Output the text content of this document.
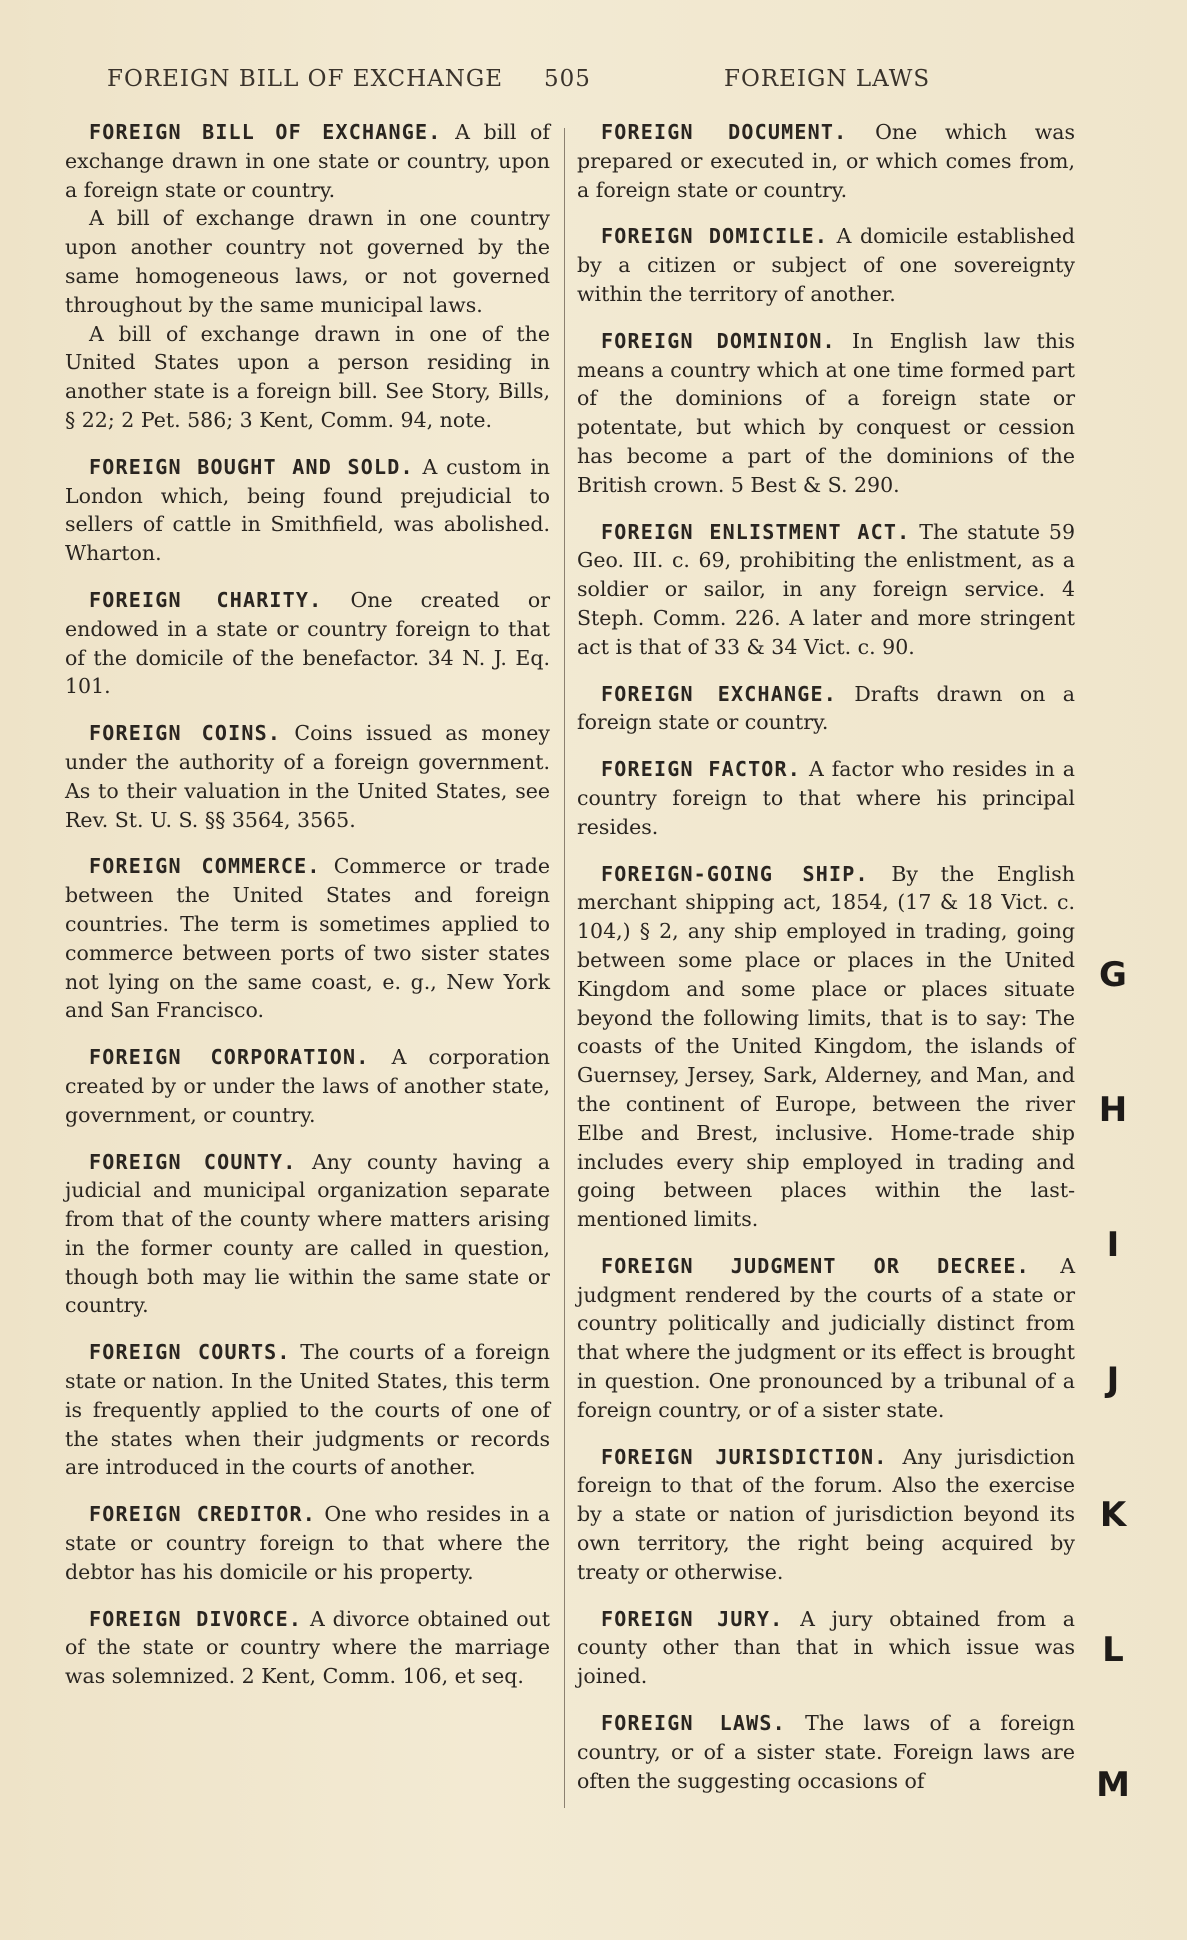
FOREIGN BILL OF EXCHANGE 505	FOREIGN LAWS

FOREIGN BILL OF EXCHANGE. A bill of exchange drawn in one state or country, upon a foreign state or country.

A bill of exchange drawn in one country upon another country not governed by the same homogeneous laws, or not governed throughout by the same municipal laws.

A bill of exchange drawn in one of the United States upon a person residing in another state is a foreign bill. See Story, Bills, § 22; 2 Pet. 586; 3 Kent, Comm. 94, note.

FOREIGN BOUGHT AND SOLD. A custom in London which, being found prejudicial to sellers of cattle in Smithfield, was abolished. Wharton.

FOREIGN CHARITY. One created or endowed in a state or country foreign to that of the domicile of the benefactor. 34 N. J. Eq. 101.

FOREIGN COINS. Coins issued as money under the authority of a foreign government. As to their valuation in the United States, see Rev. St. U. S. §§ 3564, 3565.

FOREIGN COMMERCE. Commerce or trade between the United States and foreign countries. The term is sometimes applied to commerce between ports of two sister states not lying on the same coast, e. g., New York and San Francisco.

FOREIGN CORPORATION. A corporation created by or under the laws of another state, government, or country.

FOREIGN COUNTY. Any county having a judicial and municipal organization separate from that of the county where matters arising in the former county are called in question, though both may lie within the same state or country.

FOREIGN COURTS. The courts of a foreign state or nation. In the United States, this term is frequently applied to the courts of one of the states when their judgments or records are introduced in the courts of another.

FOREIGN CREDITOR. One who resides in a state or country foreign to that where the debtor has his domicile or his property.

FOREIGN DIVORCE. A divorce obtained out of the state or country where the marriage was solemnized. 2 Kent, Comm. 106, et seq.

FOREIGN DOCUMENT. One which was prepared or executed in, or which comes from, a foreign state or country.

FOREIGN DOMICILE. A domicile established by a citizen or subject of one sovereignty within the territory of another.

FOREIGN DOMINION. In English law this means a country which at one time formed part of the dominions of a foreign state or potentate, but which by conquest or cession has become a part of the dominions of the British crown. 5 Best & S. 290.

FOREIGN ENLISTMENT ACT. The statute 59 Geo. III. c. 69, prohibiting the enlistment, as a soldier or sailor, in any foreign service. 4 Steph. Comm. 226. A later and more stringent act is that of 33 & 34 Vict. c. 90.

FOREIGN EXCHANGE. Drafts drawn on a foreign state or country.

FOREIGN FACTOR. A factor who resides in a country foreign to that where his principal resides.

FOREIGN-GOING SHIP. By the English merchant shipping act, 1854, (17 & 18 Vict. c. 104,) § 2, any ship employed in trading, going between some place or places in the United Kingdom and some place or places situate beyond the following limits, that is to say: The coasts of the United Kingdom, the islands of Guernsey, Jersey, Sark, Alderney, and Man, and the continent of Europe, between the river Elbe and Brest, inclusive. Home-trade ship includes every ship employed in trading and going between places within the last-mentioned limits.

FOREIGN JUDGMENT OR DECREE. A judgment rendered by the courts of a state or country politically and judicially distinct from that where the judgment or its effect is brought in question. One pronounced by a tribunal of a foreign country, or of a sister state.

FOREIGN JURISDICTION. Any jurisdiction foreign to that of the forum. Also the exercise by a state or nation of jurisdiction beyond its own territory, the right being acquired by treaty or otherwise.

FOREIGN JURY. A jury obtained from a county other than that in which issue was joined.

FOREIGN LAWS. The laws of a foreign country, or of a sister state. Foreign laws are often the suggesting occasions of

G
H
I
J
K
L
M
